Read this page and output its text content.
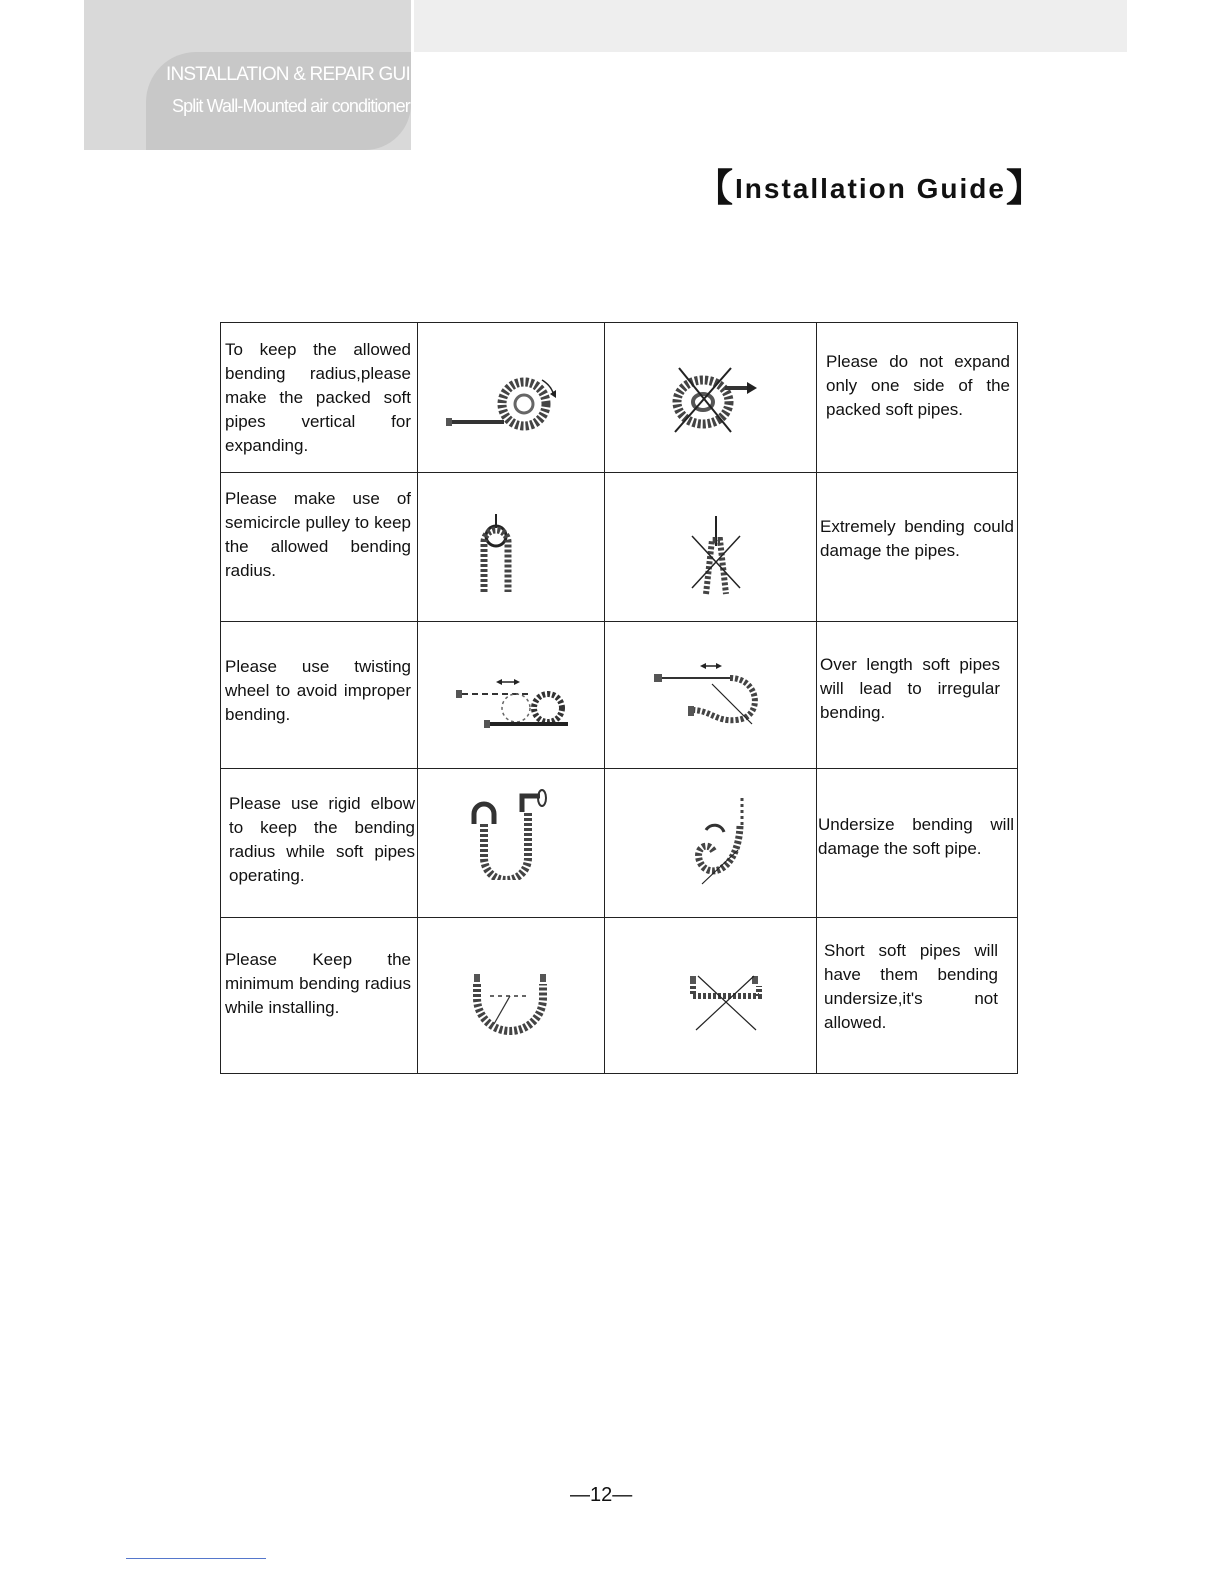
INSTALLATION & REPAIR GUIDE
Split Wall-Mounted air conditioner
【 Installation Guide 】
To keep the allowed bending radius,please make the packed soft pipes vertical for expanding.
Please do not expand only one side of the packed soft pipes.
Please make use of semicircle pulley to keep the allowed bending radius.
Extremely bending could damage the pipes.
Please use twisting wheel to avoid improper bending.
Over length soft pipes will lead to irregular bending.
Please use rigid elbow to keep the bending radius while soft pipes operating.
Undersize bending will damage the soft pipe.
Please Keep the minimum bending radius while installing.
Short soft pipes will have them bending undersize,it's not allowed.
—12—
